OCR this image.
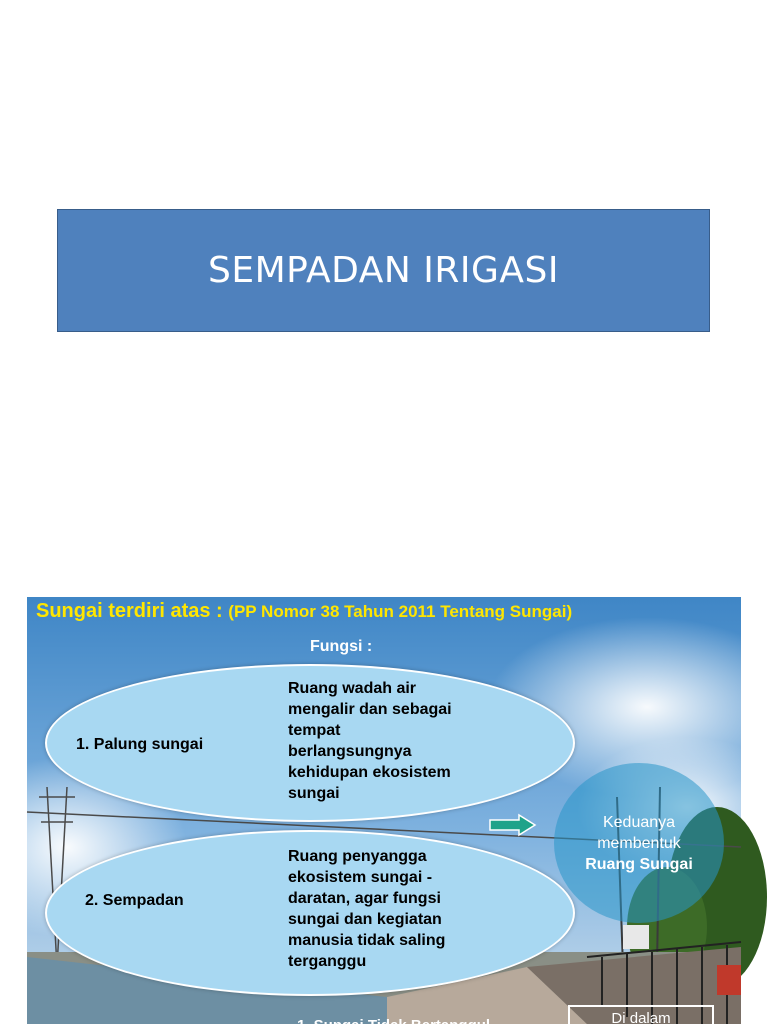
SEMPADAN IRIGASI
Sungai terdiri atas : (PP Nomor 38 Tahun 2011 Tentang Sungai)
Fungsi :
1. Palung sungai
Ruang wadah air
mengalir dan sebagai
tempat
berlangsungnya
kehidupan ekosistem
sungai
2. Sempadan
Ruang penyangga
ekosistem sungai -
daratan, agar fungsi
sungai dan kegiatan
manusia tidak saling
terganggu
Keduanya
membentuk
Ruang Sungai
Di dalam
1. Sungai Tidak Bertanggul
